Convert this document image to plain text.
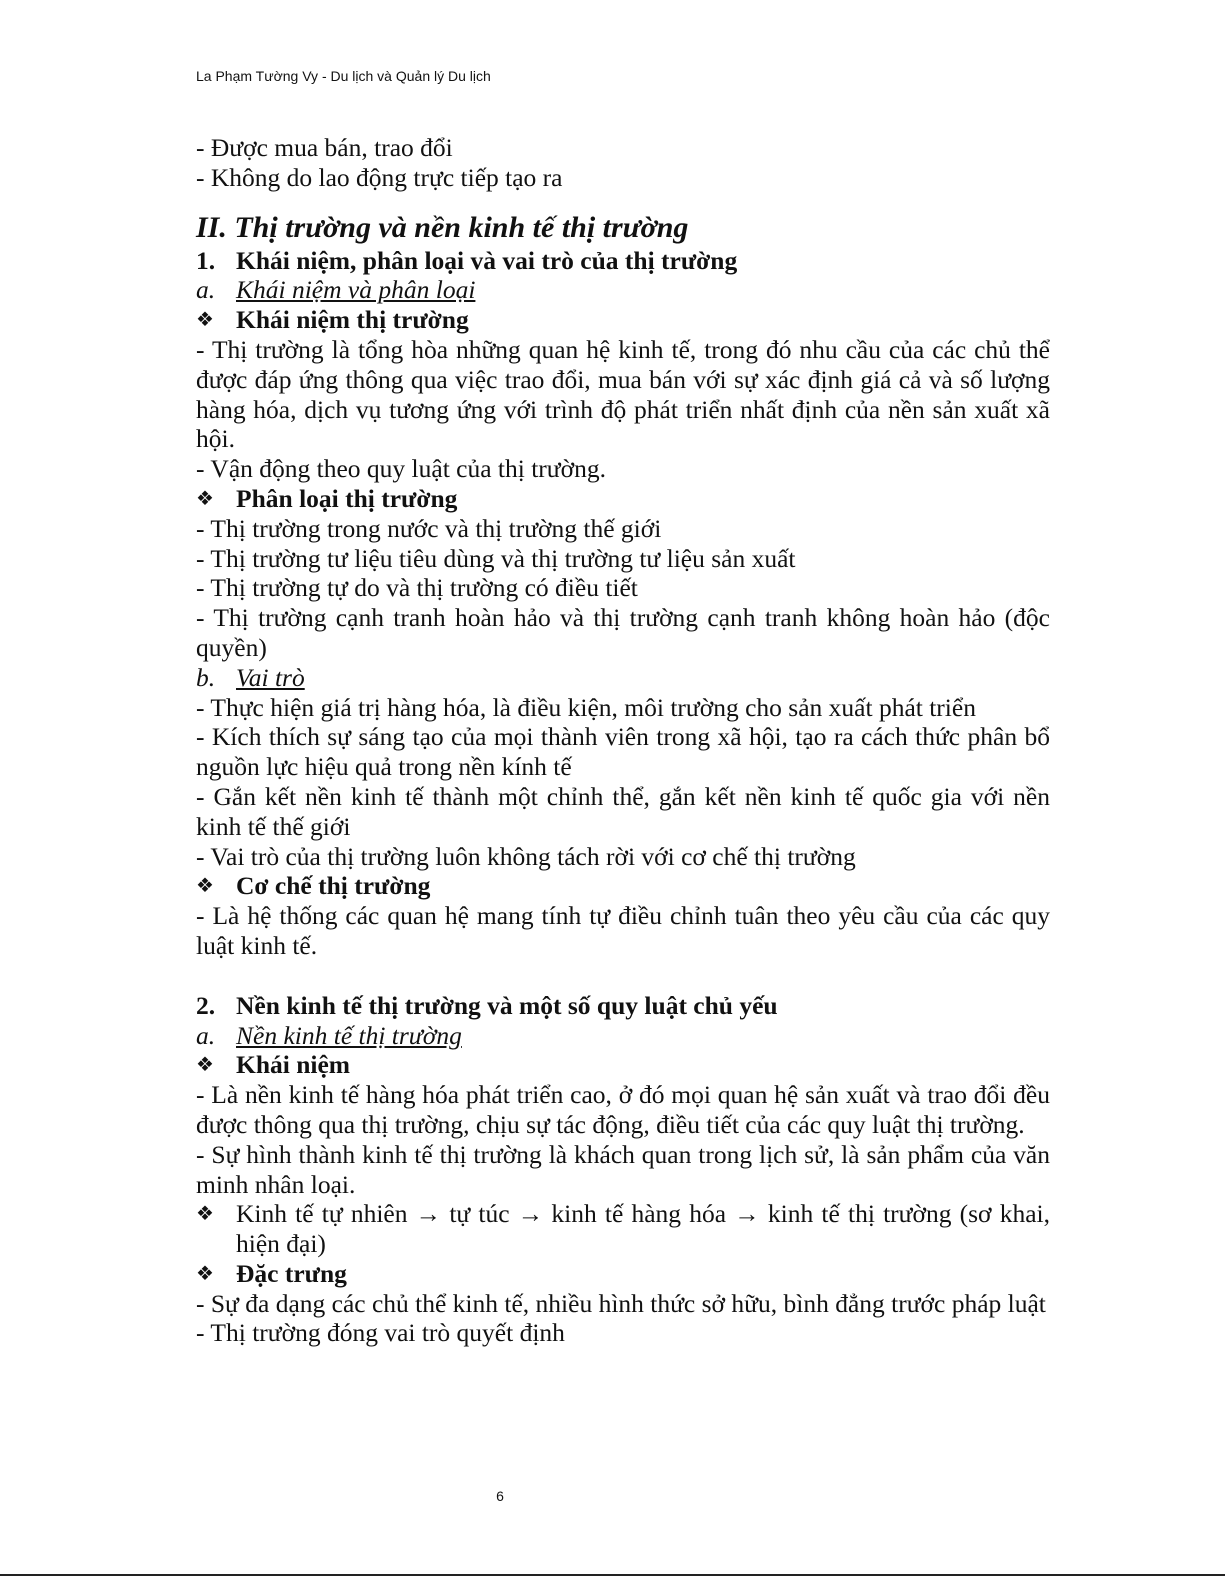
La Phạm Tường Vy - Du lịch và Quản lý Du lịch

- Được mua bán, trao đổi

- Không do lao động trực tiếp tạo ra

II. Thị trường và nền kinh tế thị trường

1. Khái niệm, phân loại và vai trò của thị trường
a. Khái niệm và phân loại
❖ Khái niệm thị trường

- Thị trường là tổng hòa những quan hệ kinh tế, trong đó nhu cầu của các chủ thể được đáp ứng thông qua việc trao đổi, mua bán với sự xác định giá cả và số lượng hàng hóa, dịch vụ tương ứng với trình độ phát triển nhất định của nền sản xuất xã hội.

- Vận động theo quy luật của thị trường.

❖ Phân loại thị trường

- Thị trường trong nước và thị trường thế giới

- Thị trường tư liệu tiêu dùng và thị trường tư liệu sản xuất

- Thị trường tự do và thị trường có điều tiết

- Thị trường cạnh tranh hoàn hảo và thị trường cạnh tranh không hoàn hảo (độc quyền)

b. Vai trò

- Thực hiện giá trị hàng hóa, là điều kiện, môi trường cho sản xuất phát triển

- Kích thích sự sáng tạo của mọi thành viên trong xã hội, tạo ra cách thức phân bổ nguồn lực hiệu quả trong nền kính tế

- Gắn kết nền kinh tế thành một chỉnh thể, gắn kết nền kinh tế quốc gia với nền kinh tế thế giới

- Vai trò của thị trường luôn không tách rời với cơ chế thị trường

❖ Cơ chế thị trường

- Là hệ thống các quan hệ mang tính tự điều chỉnh tuân theo yêu cầu của các quy luật kinh tế.

2. Nền kinh tế thị trường và một số quy luật chủ yếu
a. Nền kinh tế thị trường
❖ Khái niệm

- Là nền kinh tế hàng hóa phát triển cao, ở đó mọi quan hệ sản xuất và trao đổi đều được thông qua thị trường, chịu sự tác động, điều tiết của các quy luật thị trường.

- Sự hình thành kinh tế thị trường là khách quan trong lịch sử, là sản phẩm của văn minh nhân loại.

❖ Kinh tế tự nhiên → tự túc → kinh tế hàng hóa → kinh tế thị trường (sơ khai, hiện đại)
❖ Đặc trưng

- Sự đa dạng các chủ thể kinh tế, nhiều hình thức sở hữu, bình đẳng trước pháp luật

- Thị trường đóng vai trò quyết định

6
